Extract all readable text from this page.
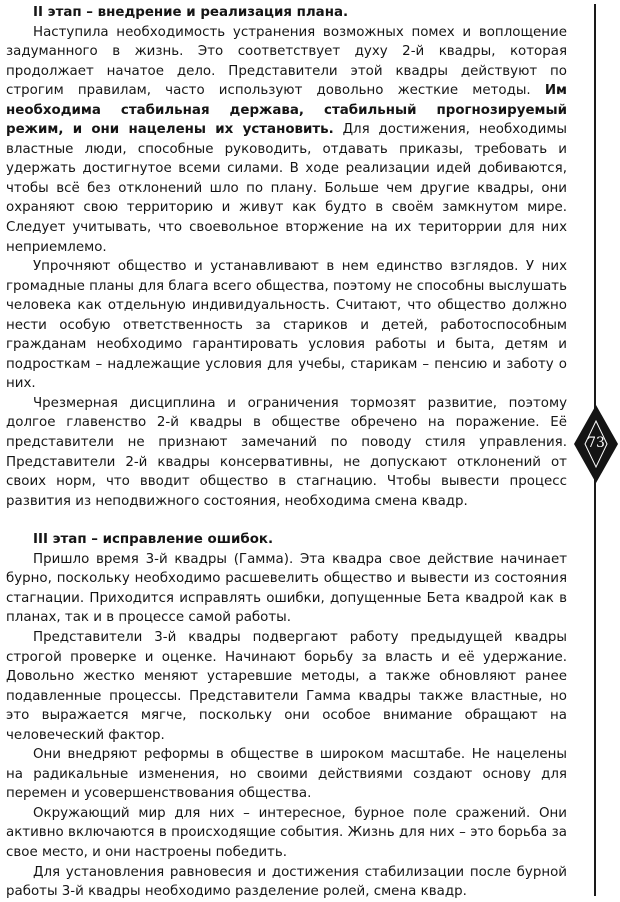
II этап – внедрение и реализация плана.

Наступила необходимость устранения возможных помех и воплощение задуманного в жизнь. Это соответствует духу 2-й квадры, которая продолжает начатое дело. Представители этой квадры действуют по строгим правилам, часто используют довольно жесткие методы. Им необходима стабильная держава, стабильный прогнозируемый режим, и они нацелены их установить. Для достижения, необходимы властные люди, способные руководить, отдавать приказы, требовать и удержать достигнутое всеми силами. В ходе реализации идей добиваются, чтобы всё без отклонений шло по плану. Больше чем другие квадры, они охраняют свою территорию и живут как будто в своём замкнутом мире. Следует учитывать, что своевольное вторжение на их територрии для них неприемлемо.

Упрочняют общество и устанавливают в нем единство взглядов. У них громадные планы для блага всего общества, поэтому не способны выслушать человека как отдельную индивидуальность. Считают, что общество должно нести особую ответственность за стариков и детей, работоспособным гражданам необходимо гарантировать условия работы и быта, детям и подросткам – надлежащие условия для учебы, старикам – пенсию и заботу о них.

Чрезмерная дисциплина и ограничения тормозят развитие, поэтому долгое главенство 2-й квадры в обществе обречено на поражение. Её представители не признают замечаний по поводу стиля управления. Представители 2-й квадры консервативны, не допускают отклонений от своих норм, что вводит общество в стагнацию. Чтобы вывести процесс развития из неподвижного состояния, необходима смена квадр.

III этап – исправление ошибок.

Пришло время 3-й квадры (Гамма). Эта квадра свое действие начинает бурно, поскольку необходимо расшевелить общество и вывести из состояния стагнации. Приходится исправлять ошибки, допущенные Бета квадрой как в планах, так и в процессе самой работы.

Представители 3-й квадры подвергают работу предыдущей квадры строгой проверке и оценке. Начинают борьбу за власть и её удержание. Довольно жестко меняют устаревшие методы, а также обновляют ранее подавленные процессы. Представители Гамма квадры также властные, но это выражается мягче, поскольку они особое внимание обращают на человеческий фактор.

Они внедряют реформы в обществе в широком масштабе. Не нацелены на радикальные изменения, но своими действиями создают основу для перемен и усовершенствования общества.

Окружающий мир для них – интересное, бурное поле сражений. Они активно включаются в происходящие события. Жизнь для них – это борьба за свое место, и они настроены победить.

Для установления равновесия и достижения стабилизации после бурной работы 3-й квадры необходимо разделение ролей, смена квадр.

73
